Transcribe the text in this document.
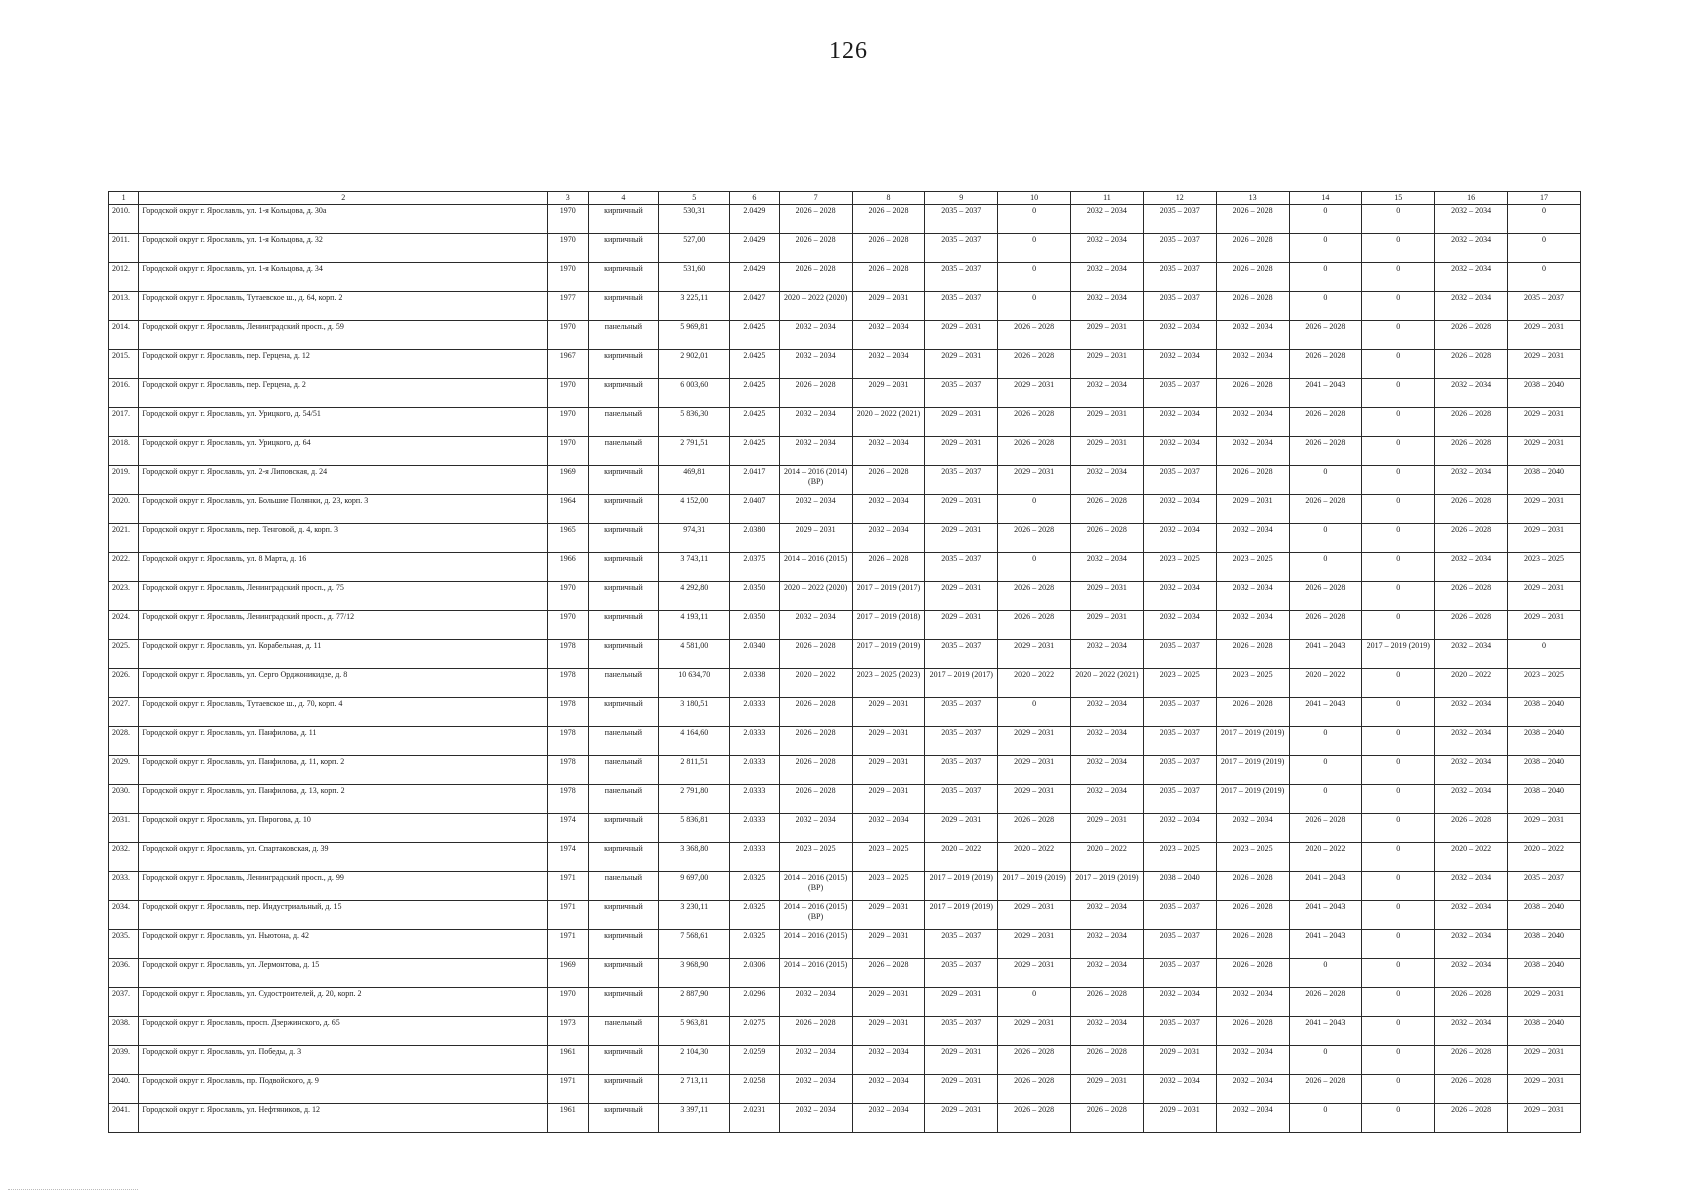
126
1	2	3	4	5	6	7	8	9	10	11	12	13	14	15	16	17
2010.	Городской округ г. Ярославль, ул. 1-я Кольцова, д. 30а	1970	кирпичный	530,31	2.0429	2026 – 2028	2026 – 2028	2035 – 2037	0	2032 – 2034	2035 – 2037	2026 – 2028	0	0	2032 – 2034	0
2011.	Городской округ г. Ярославль, ул. 1-я Кольцова, д. 32	1970	кирпичный	527,00	2.0429	2026 – 2028	2026 – 2028	2035 – 2037	0	2032 – 2034	2035 – 2037	2026 – 2028	0	0	2032 – 2034	0
2012.	Городской округ г. Ярославль, ул. 1-я Кольцова, д. 34	1970	кирпичный	531,60	2.0429	2026 – 2028	2026 – 2028	2035 – 2037	0	2032 – 2034	2035 – 2037	2026 – 2028	0	0	2032 – 2034	0
2013.	Городской округ г. Ярославль, Тутаевское ш., д. 64, корп. 2	1977	кирпичный	3 225,11	2.0427	2020 – 2022 (2020)	2029 – 2031	2035 – 2037	0	2032 – 2034	2035 – 2037	2026 – 2028	0	0	2032 – 2034	2035 – 2037
2014.	Городской округ г. Ярославль, Ленинградский просп., д. 59	1970	панельный	5 969,81	2.0425	2032 – 2034	2032 – 2034	2029 – 2031	2026 – 2028	2029 – 2031	2032 – 2034	2032 – 2034	2026 – 2028	0	2026 – 2028	2029 – 2031
2015.	Городской округ г. Ярославль, пер. Герцена, д. 12	1967	кирпичный	2 902,01	2.0425	2032 – 2034	2032 – 2034	2029 – 2031	2026 – 2028	2029 – 2031	2032 – 2034	2032 – 2034	2026 – 2028	0	2026 – 2028	2029 – 2031
2016.	Городской округ г. Ярославль, пер. Герцена, д. 2	1970	кирпичный	6 003,60	2.0425	2026 – 2028	2029 – 2031	2035 – 2037	2029 – 2031	2032 – 2034	2035 – 2037	2026 – 2028	2041 – 2043	0	2032 – 2034	2038 – 2040
2017.	Городской округ г. Ярославль, ул. Урицкого, д. 54/51	1970	панельный	5 836,30	2.0425	2032 – 2034	2020 – 2022 (2021)	2029 – 2031	2026 – 2028	2029 – 2031	2032 – 2034	2032 – 2034	2026 – 2028	0	2026 – 2028	2029 – 2031
2018.	Городской округ г. Ярославль, ул. Урицкого, д. 64	1970	панельный	2 791,51	2.0425	2032 – 2034	2032 – 2034	2029 – 2031	2026 – 2028	2029 – 2031	2032 – 2034	2032 – 2034	2026 – 2028	0	2026 – 2028	2029 – 2031
2019.	Городской округ г. Ярославль, ул. 2-я Липовская, д. 24	1969	кирпичный	469,81	2.0417	2014 – 2016 (2014) (ВР)	2026 – 2028	2035 – 2037	2029 – 2031	2032 – 2034	2035 – 2037	2026 – 2028	0	0	2032 – 2034	2038 – 2040
2020.	Городской округ г. Ярославль, ул. Большие Полянки, д. 23, корп. 3	1964	кирпичный	4 152,00	2.0407	2032 – 2034	2032 – 2034	2029 – 2031	0	2026 – 2028	2032 – 2034	2029 – 2031	2026 – 2028	0	2026 – 2028	2029 – 2031
2021.	Городской округ г. Ярославль, пер. Тенговой, д. 4, корп. 3	1965	кирпичный	974,31	2.0380	2029 – 2031	2032 – 2034	2029 – 2031	2026 – 2028	2026 – 2028	2032 – 2034	2032 – 2034	0	0	2026 – 2028	2029 – 2031
2022.	Городской округ г. Ярославль, ул. 8 Марта, д. 16	1966	кирпичный	3 743,11	2.0375	2014 – 2016 (2015)	2026 – 2028	2035 – 2037	0	2032 – 2034	2023 – 2025	2023 – 2025	0	0	2032 – 2034	2023 – 2025
2023.	Городской округ г. Ярославль, Ленинградский просп., д. 75	1970	кирпичный	4 292,80	2.0350	2020 – 2022 (2020)	2017 – 2019 (2017)	2029 – 2031	2026 – 2028	2029 – 2031	2032 – 2034	2032 – 2034	2026 – 2028	0	2026 – 2028	2029 – 2031
2024.	Городской округ г. Ярославль, Ленинградский просп., д. 77/12	1970	кирпичный	4 193,11	2.0350	2032 – 2034	2017 – 2019 (2018)	2029 – 2031	2026 – 2028	2029 – 2031	2032 – 2034	2032 – 2034	2026 – 2028	0	2026 – 2028	2029 – 2031
2025.	Городской округ г. Ярославль, ул. Корабельная, д. 11	1978	кирпичный	4 581,00	2.0340	2026 – 2028	2017 – 2019 (2019)	2035 – 2037	2029 – 2031	2032 – 2034	2035 – 2037	2026 – 2028	2041 – 2043	2017 – 2019 (2019)	2032 – 2034	0
2026.	Городской округ г. Ярославль, ул. Серго Орджоникидзе, д. 8	1978	панельный	10 634,70	2.0338	2020 – 2022	2023 – 2025 (2023)	2017 – 2019 (2017)	2020 – 2022	2020 – 2022 (2021)	2023 – 2025	2023 – 2025	2020 – 2022	0	2020 – 2022	2023 – 2025
2027.	Городской округ г. Ярославль, Тутаевское ш., д. 70, корп. 4	1978	кирпичный	3 180,51	2.0333	2026 – 2028	2029 – 2031	2035 – 2037	0	2032 – 2034	2035 – 2037	2026 – 2028	2041 – 2043	0	2032 – 2034	2038 – 2040
2028.	Городской округ г. Ярославль, ул. Панфилова, д. 11	1978	панельный	4 164,60	2.0333	2026 – 2028	2029 – 2031	2035 – 2037	2029 – 2031	2032 – 2034	2035 – 2037	2017 – 2019 (2019)	0	0	2032 – 2034	2038 – 2040
2029.	Городской округ г. Ярославль, ул. Панфилова, д. 11, корп. 2	1978	панельный	2 811,51	2.0333	2026 – 2028	2029 – 2031	2035 – 2037	2029 – 2031	2032 – 2034	2035 – 2037	2017 – 2019 (2019)	0	0	2032 – 2034	2038 – 2040
2030.	Городской округ г. Ярославль, ул. Панфилова, д. 13, корп. 2	1978	панельный	2 791,80	2.0333	2026 – 2028	2029 – 2031	2035 – 2037	2029 – 2031	2032 – 2034	2035 – 2037	2017 – 2019 (2019)	0	0	2032 – 2034	2038 – 2040
2031.	Городской округ г. Ярославль, ул. Пирогова, д. 10	1974	кирпичный	5 836,81	2.0333	2032 – 2034	2032 – 2034	2029 – 2031	2026 – 2028	2029 – 2031	2032 – 2034	2032 – 2034	2026 – 2028	0	2026 – 2028	2029 – 2031
2032.	Городской округ г. Ярославль, ул. Спартаковская, д. 39	1974	кирпичный	3 368,80	2.0333	2023 – 2025	2023 – 2025	2020 – 2022	2020 – 2022	2020 – 2022	2023 – 2025	2023 – 2025	2020 – 2022	0	2020 – 2022	2020 – 2022
2033.	Городской округ г. Ярославль, Ленинградский просп., д. 99	1971	панельный	9 697,00	2.0325	2014 – 2016 (2015) (ВР)	2023 – 2025	2017 – 2019 (2019)	2017 – 2019 (2019)	2017 – 2019 (2019)	2038 – 2040	2026 – 2028	2041 – 2043	0	2032 – 2034	2035 – 2037
2034.	Городской округ г. Ярославль, пер. Индустриальный, д. 15	1971	кирпичный	3 230,11	2.0325	2014 – 2016 (2015) (ВР)	2029 – 2031	2017 – 2019 (2019)	2029 – 2031	2032 – 2034	2035 – 2037	2026 – 2028	2041 – 2043	0	2032 – 2034	2038 – 2040
2035.	Городской округ г. Ярославль, ул. Ньютона, д. 42	1971	кирпичный	7 568,61	2.0325	2014 – 2016 (2015)	2029 – 2031	2035 – 2037	2029 – 2031	2032 – 2034	2035 – 2037	2026 – 2028	2041 – 2043	0	2032 – 2034	2038 – 2040
2036.	Городской округ г. Ярославль, ул. Лермонтова, д. 15	1969	кирпичный	3 968,90	2.0306	2014 – 2016 (2015)	2026 – 2028	2035 – 2037	2029 – 2031	2032 – 2034	2035 – 2037	2026 – 2028	0	0	2032 – 2034	2038 – 2040
2037.	Городской округ г. Ярославль, ул. Судостроителей, д. 20, корп. 2	1970	кирпичный	2 887,90	2.0296	2032 – 2034	2029 – 2031	2029 – 2031	0	2026 – 2028	2032 – 2034	2032 – 2034	2026 – 2028	0	2026 – 2028	2029 – 2031
2038.	Городской округ г. Ярославль, просп. Дзержинского, д. 65	1973	панельный	5 963,81	2.0275	2026 – 2028	2029 – 2031	2035 – 2037	2029 – 2031	2032 – 2034	2035 – 2037	2026 – 2028	2041 – 2043	0	2032 – 2034	2038 – 2040
2039.	Городской округ г. Ярославль, ул. Победы, д. 3	1961	кирпичный	2 104,30	2.0259	2032 – 2034	2032 – 2034	2029 – 2031	2026 – 2028	2026 – 2028	2029 – 2031	2032 – 2034	0	0	2026 – 2028	2029 – 2031
2040.	Городской округ г. Ярославль, пр. Подвойского, д. 9	1971	кирпичный	2 713,11	2.0258	2032 – 2034	2032 – 2034	2029 – 2031	2026 – 2028	2029 – 2031	2032 – 2034	2032 – 2034	2026 – 2028	0	2026 – 2028	2029 – 2031
2041.	Городской округ г. Ярославль, ул. Нефтяников, д. 12	1961	кирпичный	3 397,11	2.0231	2032 – 2034	2032 – 2034	2029 – 2031	2026 – 2028	2026 – 2028	2029 – 2031	2032 – 2034	0	0	2026 – 2028	2029 – 2031
